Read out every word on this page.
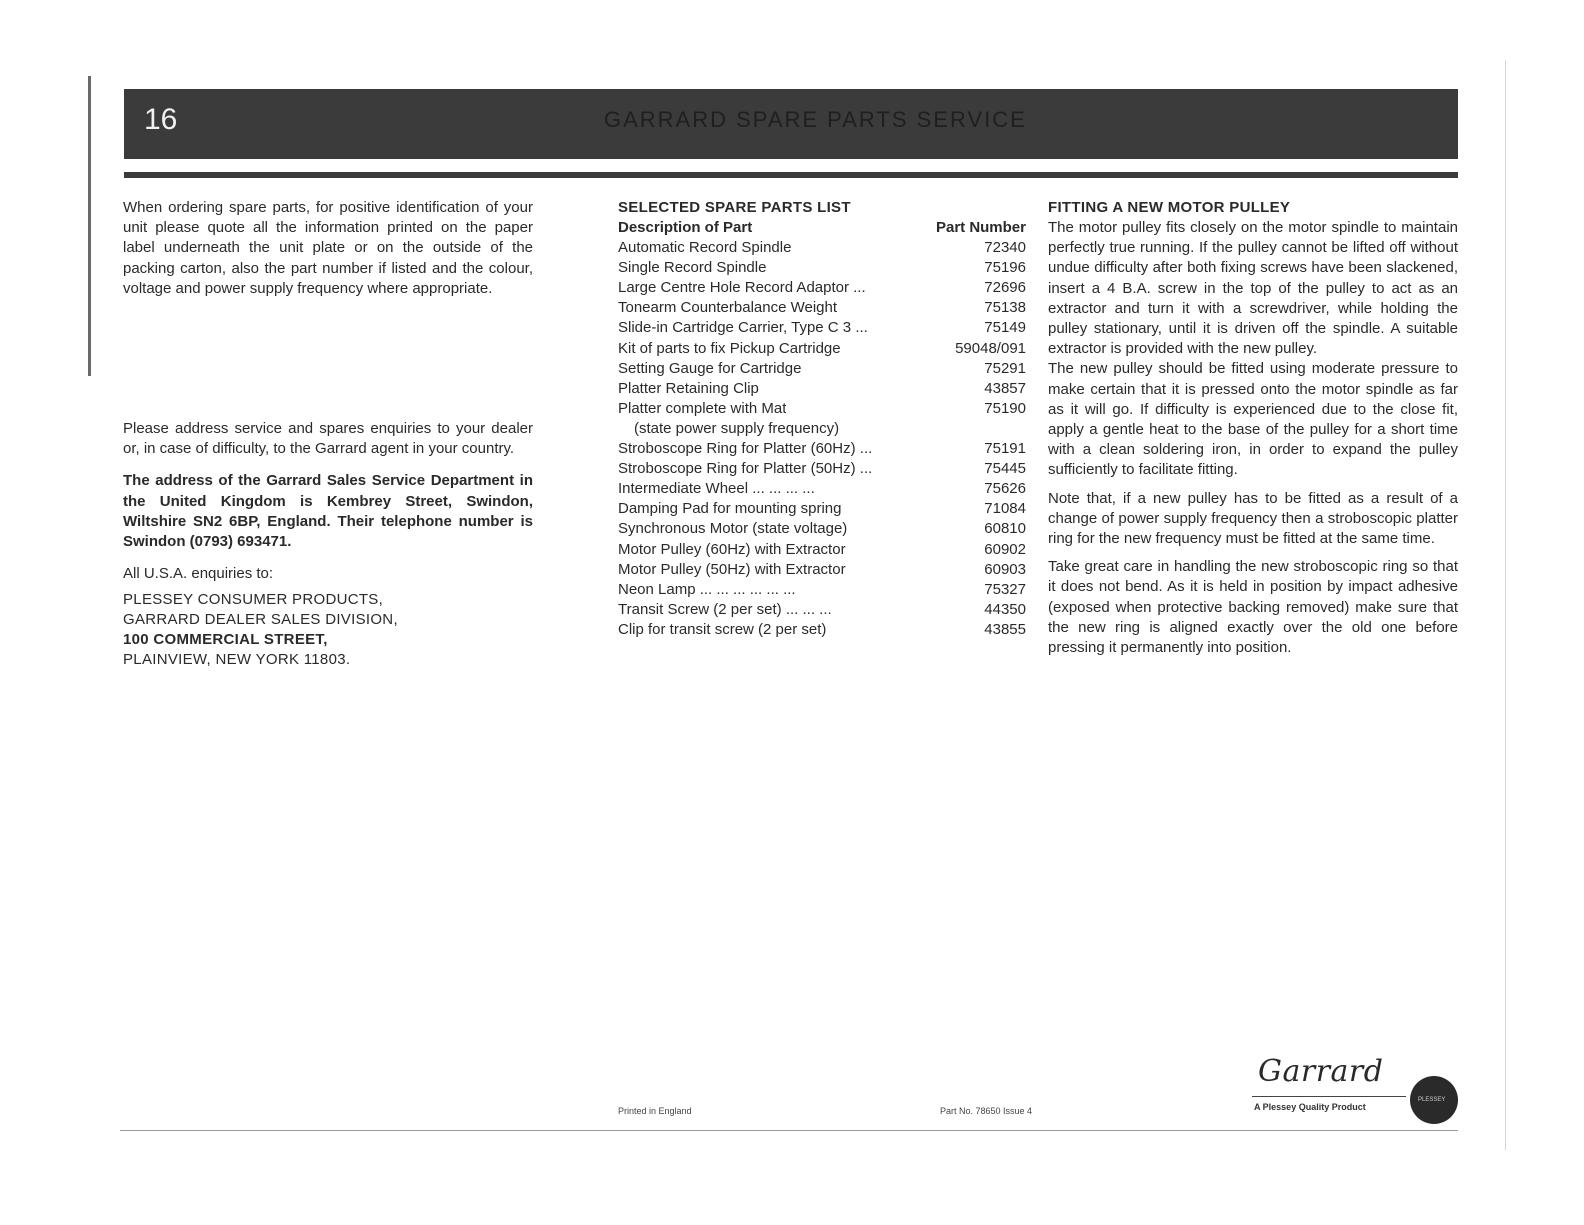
16	GARRARD SPARE PARTS SERVICE

When ordering spare parts, for positive identification of your unit please quote all the information printed on the paper label underneath the unit plate or on the outside of the packing carton, also the part number if listed and the colour, voltage and power supply frequency where appropriate.

Please address service and spares enquiries to your dealer or, in case of difficulty, to the Garrard agent in your country.

The address of the Garrard Sales Service Department in the United Kingdom is Kembrey Street, Swindon, Wiltshire SN2 6BP, England. Their telephone number is Swindon (0793) 693471.

All U.S.A. enquiries to:

PLESSEY CONSUMER PRODUCTS,
GARRARD DEALER SALES DIVISION,
100 COMMERCIAL STREET,
PLAINVIEW, NEW YORK 11803.
SELECTED SPARE PARTS LIST
Description of Part	Part Number
Automatic Record Spindle	72340
Single Record Spindle	75196
Large Centre Hole Record Adaptor ...	72696
Tonearm Counterbalance Weight	75138
Slide-in Cartridge Carrier, Type C 3 ...	75149
Kit of parts to fix Pickup Cartridge	59048/091
Setting Gauge for Cartridge	75291
Platter Retaining Clip	43857
Platter complete with Mat	75190
(state power supply frequency)
Stroboscope Ring for Platter (60Hz) ...	75191
Stroboscope Ring for Platter (50Hz) ...	75445
Intermediate Wheel ... ... ... ...	75626
Damping Pad for mounting spring	71084
Synchronous Motor (state voltage)	60810
Motor Pulley (60Hz) with Extractor	60902
Motor Pulley (50Hz) with Extractor	60903
Neon Lamp ... ... ... ... ... ...	75327
Transit Screw (2 per set) ... ... ...	44350
Clip for transit screw (2 per set)	43855
FITTING A NEW MOTOR PULLEY

The motor pulley fits closely on the motor spindle to maintain perfectly true running. If the pulley cannot be lifted off without undue difficulty after both fixing screws have been slackened, insert a 4 B.A. screw in the top of the pulley to act as an extractor and turn it with a screwdriver, while holding the pulley stationary, until it is driven off the spindle. A suitable extractor is provided with the new pulley.

The new pulley should be fitted using moderate pressure to make certain that it is pressed onto the motor spindle as far as it will go. If difficulty is experienced due to the close fit, apply a gentle heat to the base of the pulley for a short time with a clean soldering iron, in order to expand the pulley sufficiently to facilitate fitting.

Note that, if a new pulley has to be fitted as a result of a change of power supply frequency then a stroboscopic platter ring for the new frequency must be fitted at the same time.

Take great care in handling the new stroboscopic ring so that it does not bend. As it is held in position by impact adhesive (exposed when protective backing removed) make sure that the new ring is aligned exactly over the old one before pressing it permanently into position.

Printed in England	Part No. 78650 Issue 4
Garrard
A Plessey Quality Product
PLESSEY
